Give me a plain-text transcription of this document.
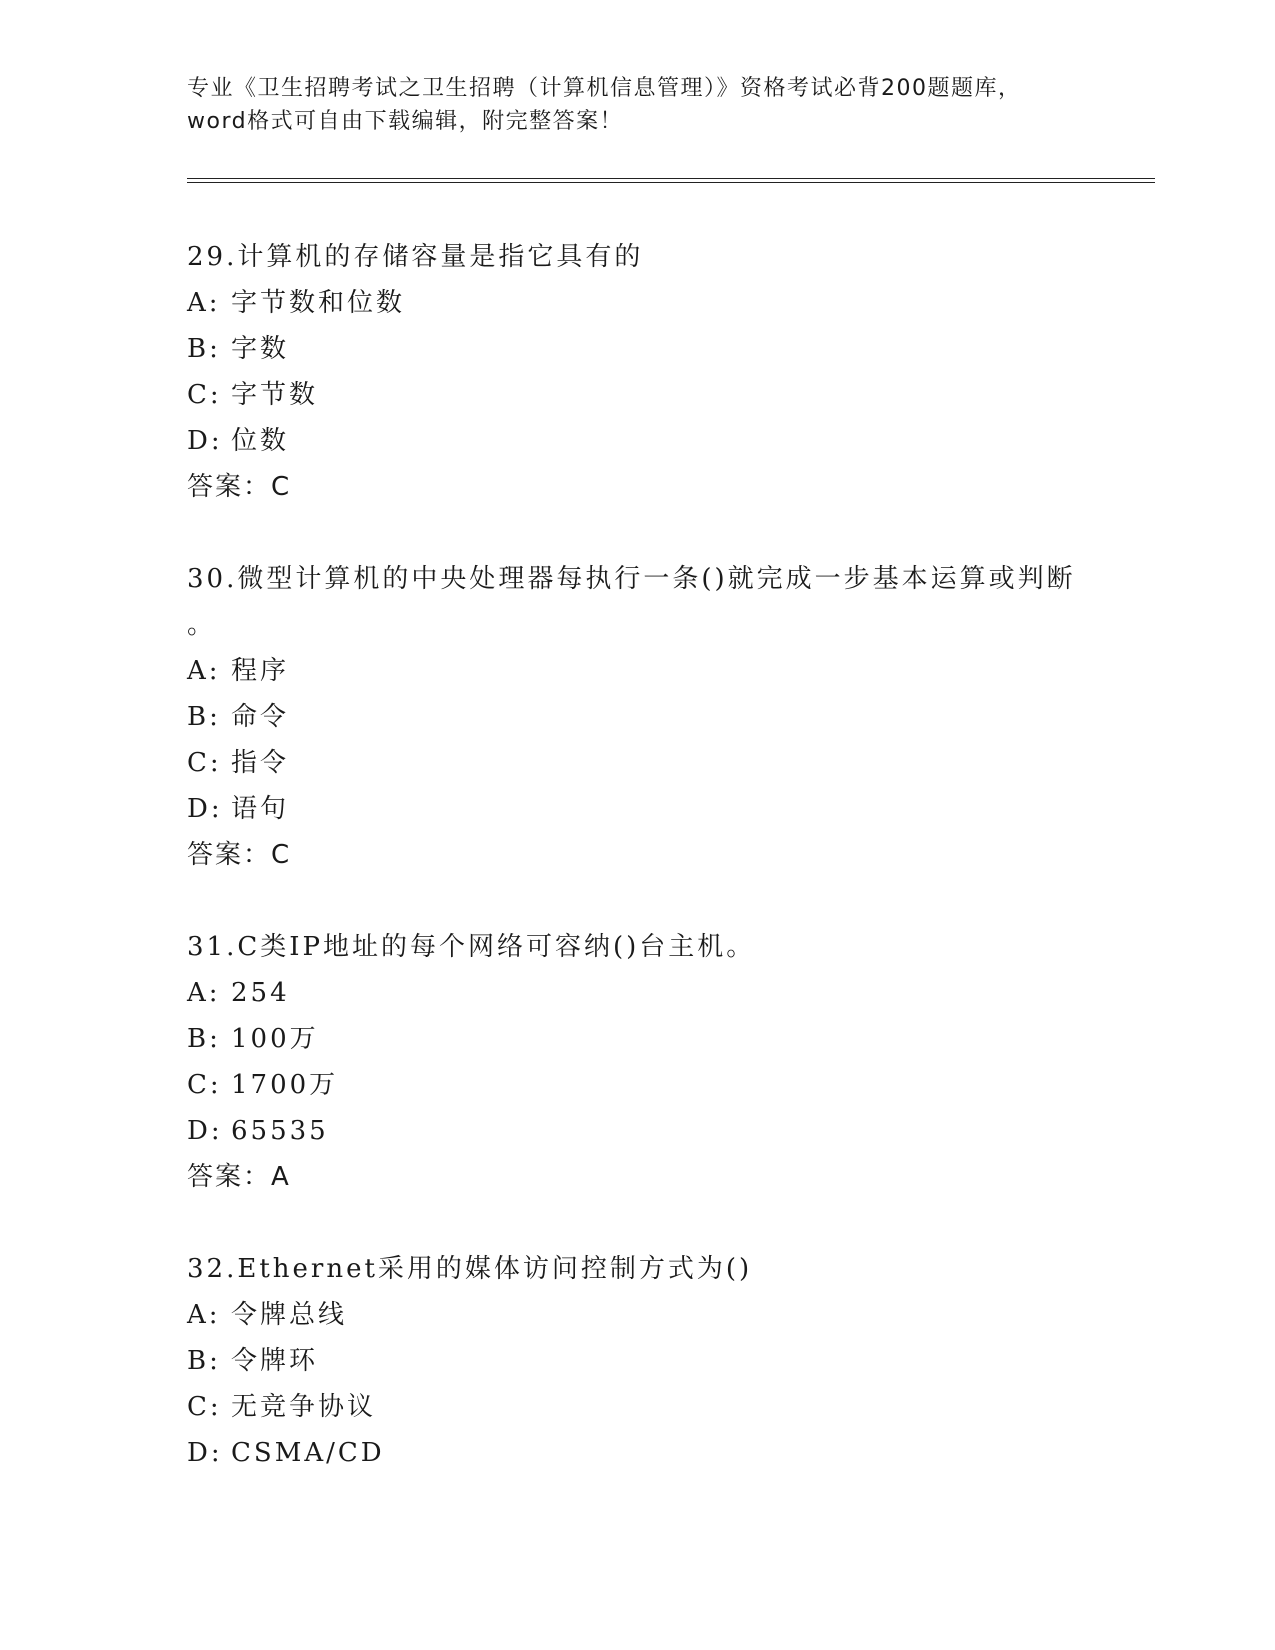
专业《卫生招聘考试之卫生招聘（计算机信息管理）》资格考试必背200题题库，
word格式可自由下载编辑，附完整答案！
29.计算机的存储容量是指它具有的
A: 字节数和位数
B: 字数
C: 字节数
D: 位数
答案：C
30.微型计算机的中央处理器每执行一条()就完成一步基本运算或判断
。
A: 程序
B: 命令
C: 指令
D: 语句
答案：C
31.C类IP地址的每个网络可容纳()台主机。
A: 254
B: 100万
C: 1700万
D: 65535
答案：A
32.Ethernet采用的媒体访问控制方式为()
A: 令牌总线
B: 令牌环
C: 无竞争协议
D: CSMA/CD
